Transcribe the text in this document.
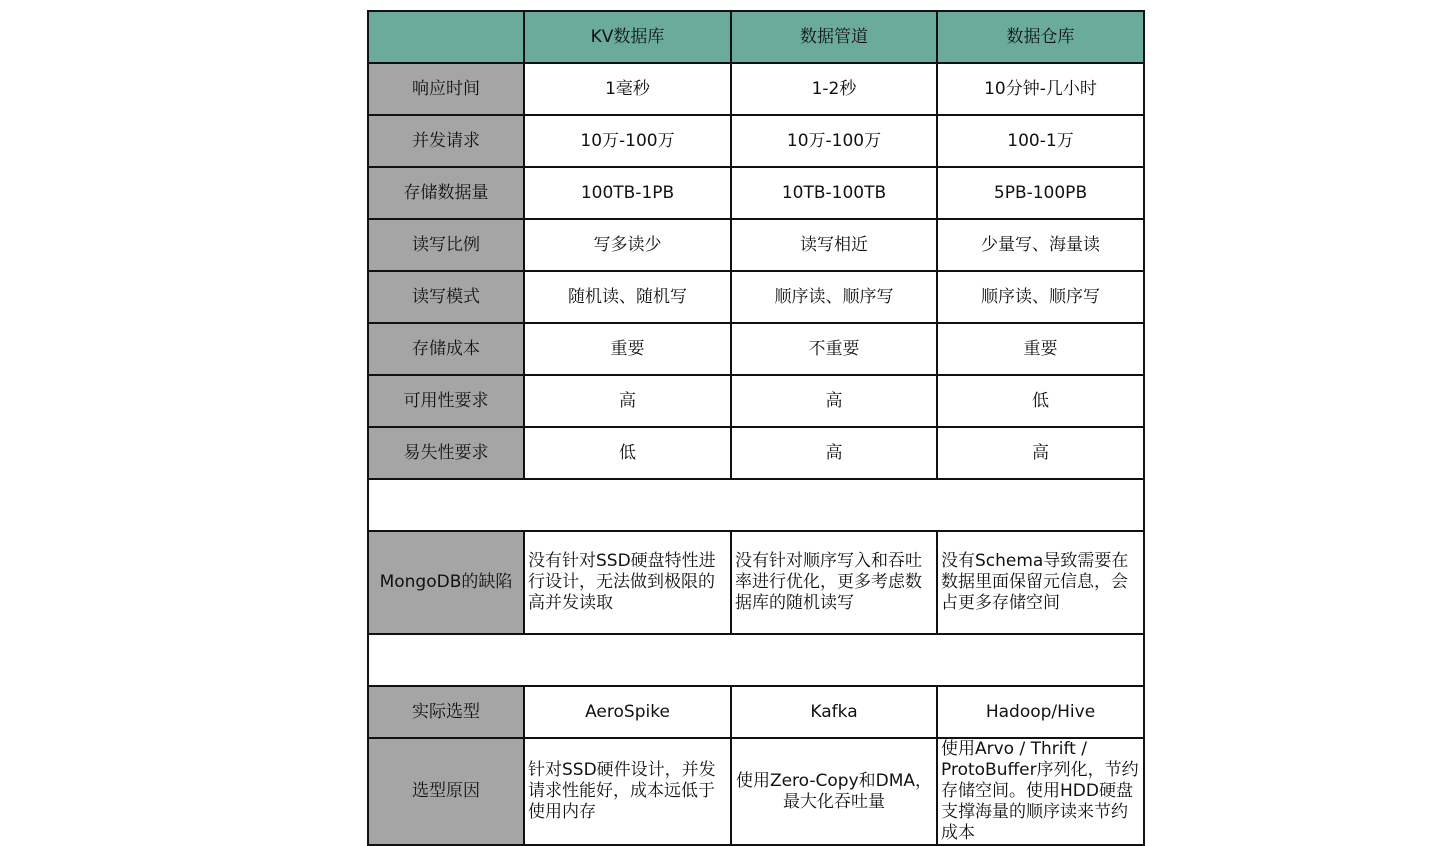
	KV数据库	数据管道	数据仓库
响应时间	1毫秒	1-2秒	10分钟-几小时
并发请求	10万-100万	10万-100万	100-1万
存储数据量	100TB-1PB	10TB-100TB	5PB-100PB
读写比例	写多读少	读写相近	少量写、海量读
读写模式	随机读、随机写	顺序读、顺序写	顺序读、顺序写
存储成本	重要	不重要	重要
可用性要求	高	高	低
易失性要求	低	高	高

MongoDB的缺陷	没有针对SSD硬盘特性进行设计，无法做到极限的高并发读取	没有针对顺序写入和吞吐率进行优化，更多考虑数据库的随机读写	没有Schema导致需要在数据里面保留元信息，会占更多存储空间

实际选型	AeroSpike	Kafka	Hadoop/Hive
选型原因	针对SSD硬件设计，并发请求性能好，成本远低于使用内存	使用Zero-Copy和DMA，最大化吞吐量	使用Arvo / Thrift / ProtoBuffer序列化，节约存储空间。使用HDD硬盘支撑海量的顺序读来节约成本
